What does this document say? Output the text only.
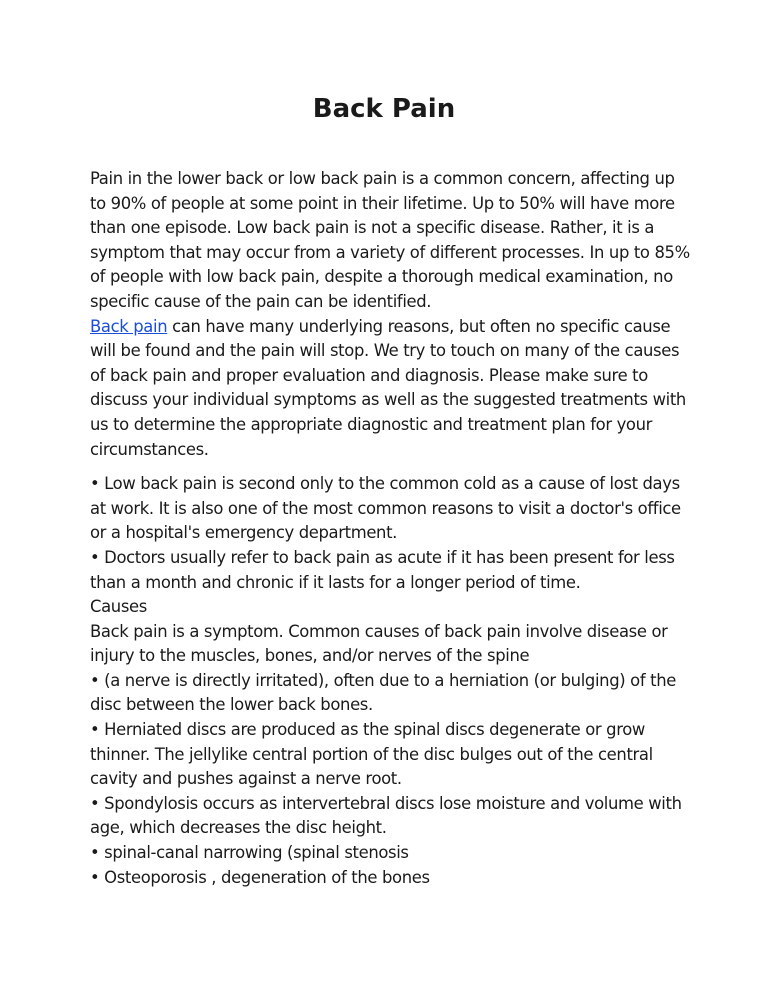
Back Pain

Pain in the lower back or low back pain is a common concern, affecting up to 90% of people at some point in their lifetime. Up to 50% will have more than one episode. Low back pain is not a specific disease. Rather, it is a symptom that may occur from a variety of different processes. In up to 85% of people with low back pain, despite a thorough medical examination, no specific cause of the pain can be identified.

Back pain can have many underlying reasons, but often no specific cause will be found and the pain will stop. We try to touch on many of the causes of back pain and proper evaluation and diagnosis. Please make sure to discuss your individual symptoms as well as the suggested treatments with us to determine the appropriate diagnostic and treatment plan for your circumstances.

• Low back pain is second only to the common cold as a cause of lost days at work. It is also one of the most common reasons to visit a doctor's office or a hospital's emergency department.

• Doctors usually refer to back pain as acute if it has been present for less than a month and chronic if it lasts for a longer period of time.

Causes

Back pain is a symptom. Common causes of back pain involve disease or injury to the muscles, bones, and/or nerves of the spine

• (a nerve is directly irritated), often due to a herniation (or bulging) of the disc between the lower back bones.

• Herniated discs are produced as the spinal discs degenerate or grow thinner. The jellylike central portion of the disc bulges out of the central cavity and pushes against a nerve root.

• Spondylosis occurs as intervertebral discs lose moisture and volume with age, which decreases the disc height.

• spinal-canal narrowing (spinal stenosis

• Osteoporosis , degeneration of the bones
